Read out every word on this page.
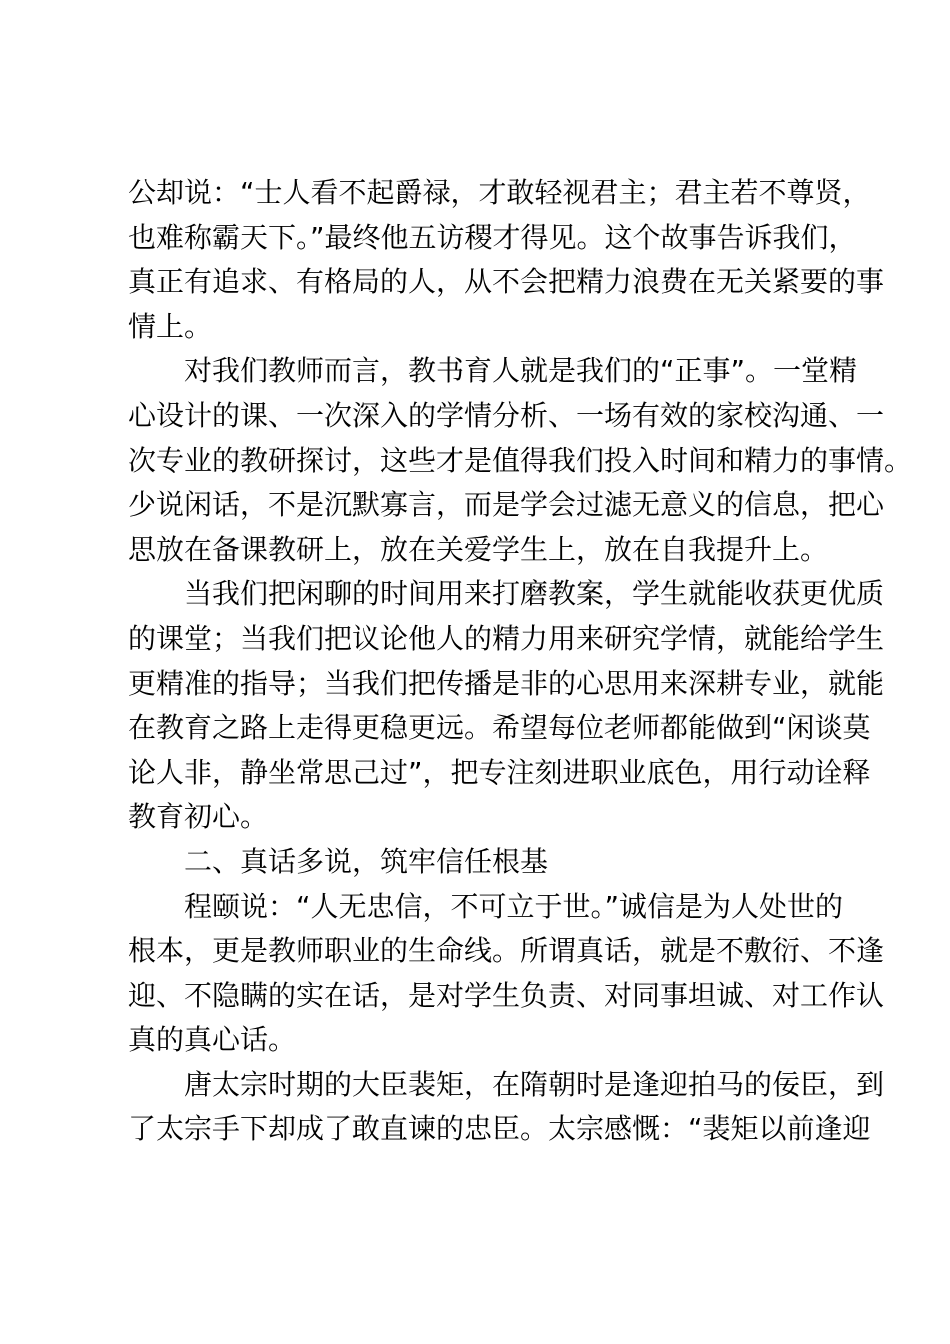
公却说：“士人看不起爵禄，才敢轻视君主；君主若不尊贤，
也难称霸天下。”最终他五访稷才得见。这个故事告诉我们，
真正有追求、有格局的人，从不会把精力浪费在无关紧要的事
情上。
对我们教师而言，教书育人就是我们的“正事”。一堂精
心设计的课、一次深入的学情分析、一场有效的家校沟通、一
次专业的教研探讨，这些才是值得我们投入时间和精力的事情。
少说闲话，不是沉默寡言，而是学会过滤无意义的信息，把心
思放在备课教研上，放在关爱学生上，放在自我提升上。
当我们把闲聊的时间用来打磨教案，学生就能收获更优质
的课堂；当我们把议论他人的精力用来研究学情，就能给学生
更精准的指导；当我们把传播是非的心思用来深耕专业，就能
在教育之路上走得更稳更远。希望每位老师都能做到“闲谈莫
论人非，静坐常思己过”，把专注刻进职业底色，用行动诠释
教育初心。
二、真话多说，筑牢信任根基
程颐说：“人无忠信，不可立于世。”诚信是为人处世的
根本，更是教师职业的生命线。所谓真话，就是不敷衍、不逢
迎、不隐瞒的实在话，是对学生负责、对同事坦诚、对工作认
真的真心话。
唐太宗时期的大臣裴矩，在隋朝时是逢迎拍马的佞臣，到
了太宗手下却成了敢直谏的忠臣。太宗感慨：“裴矩以前逢迎
